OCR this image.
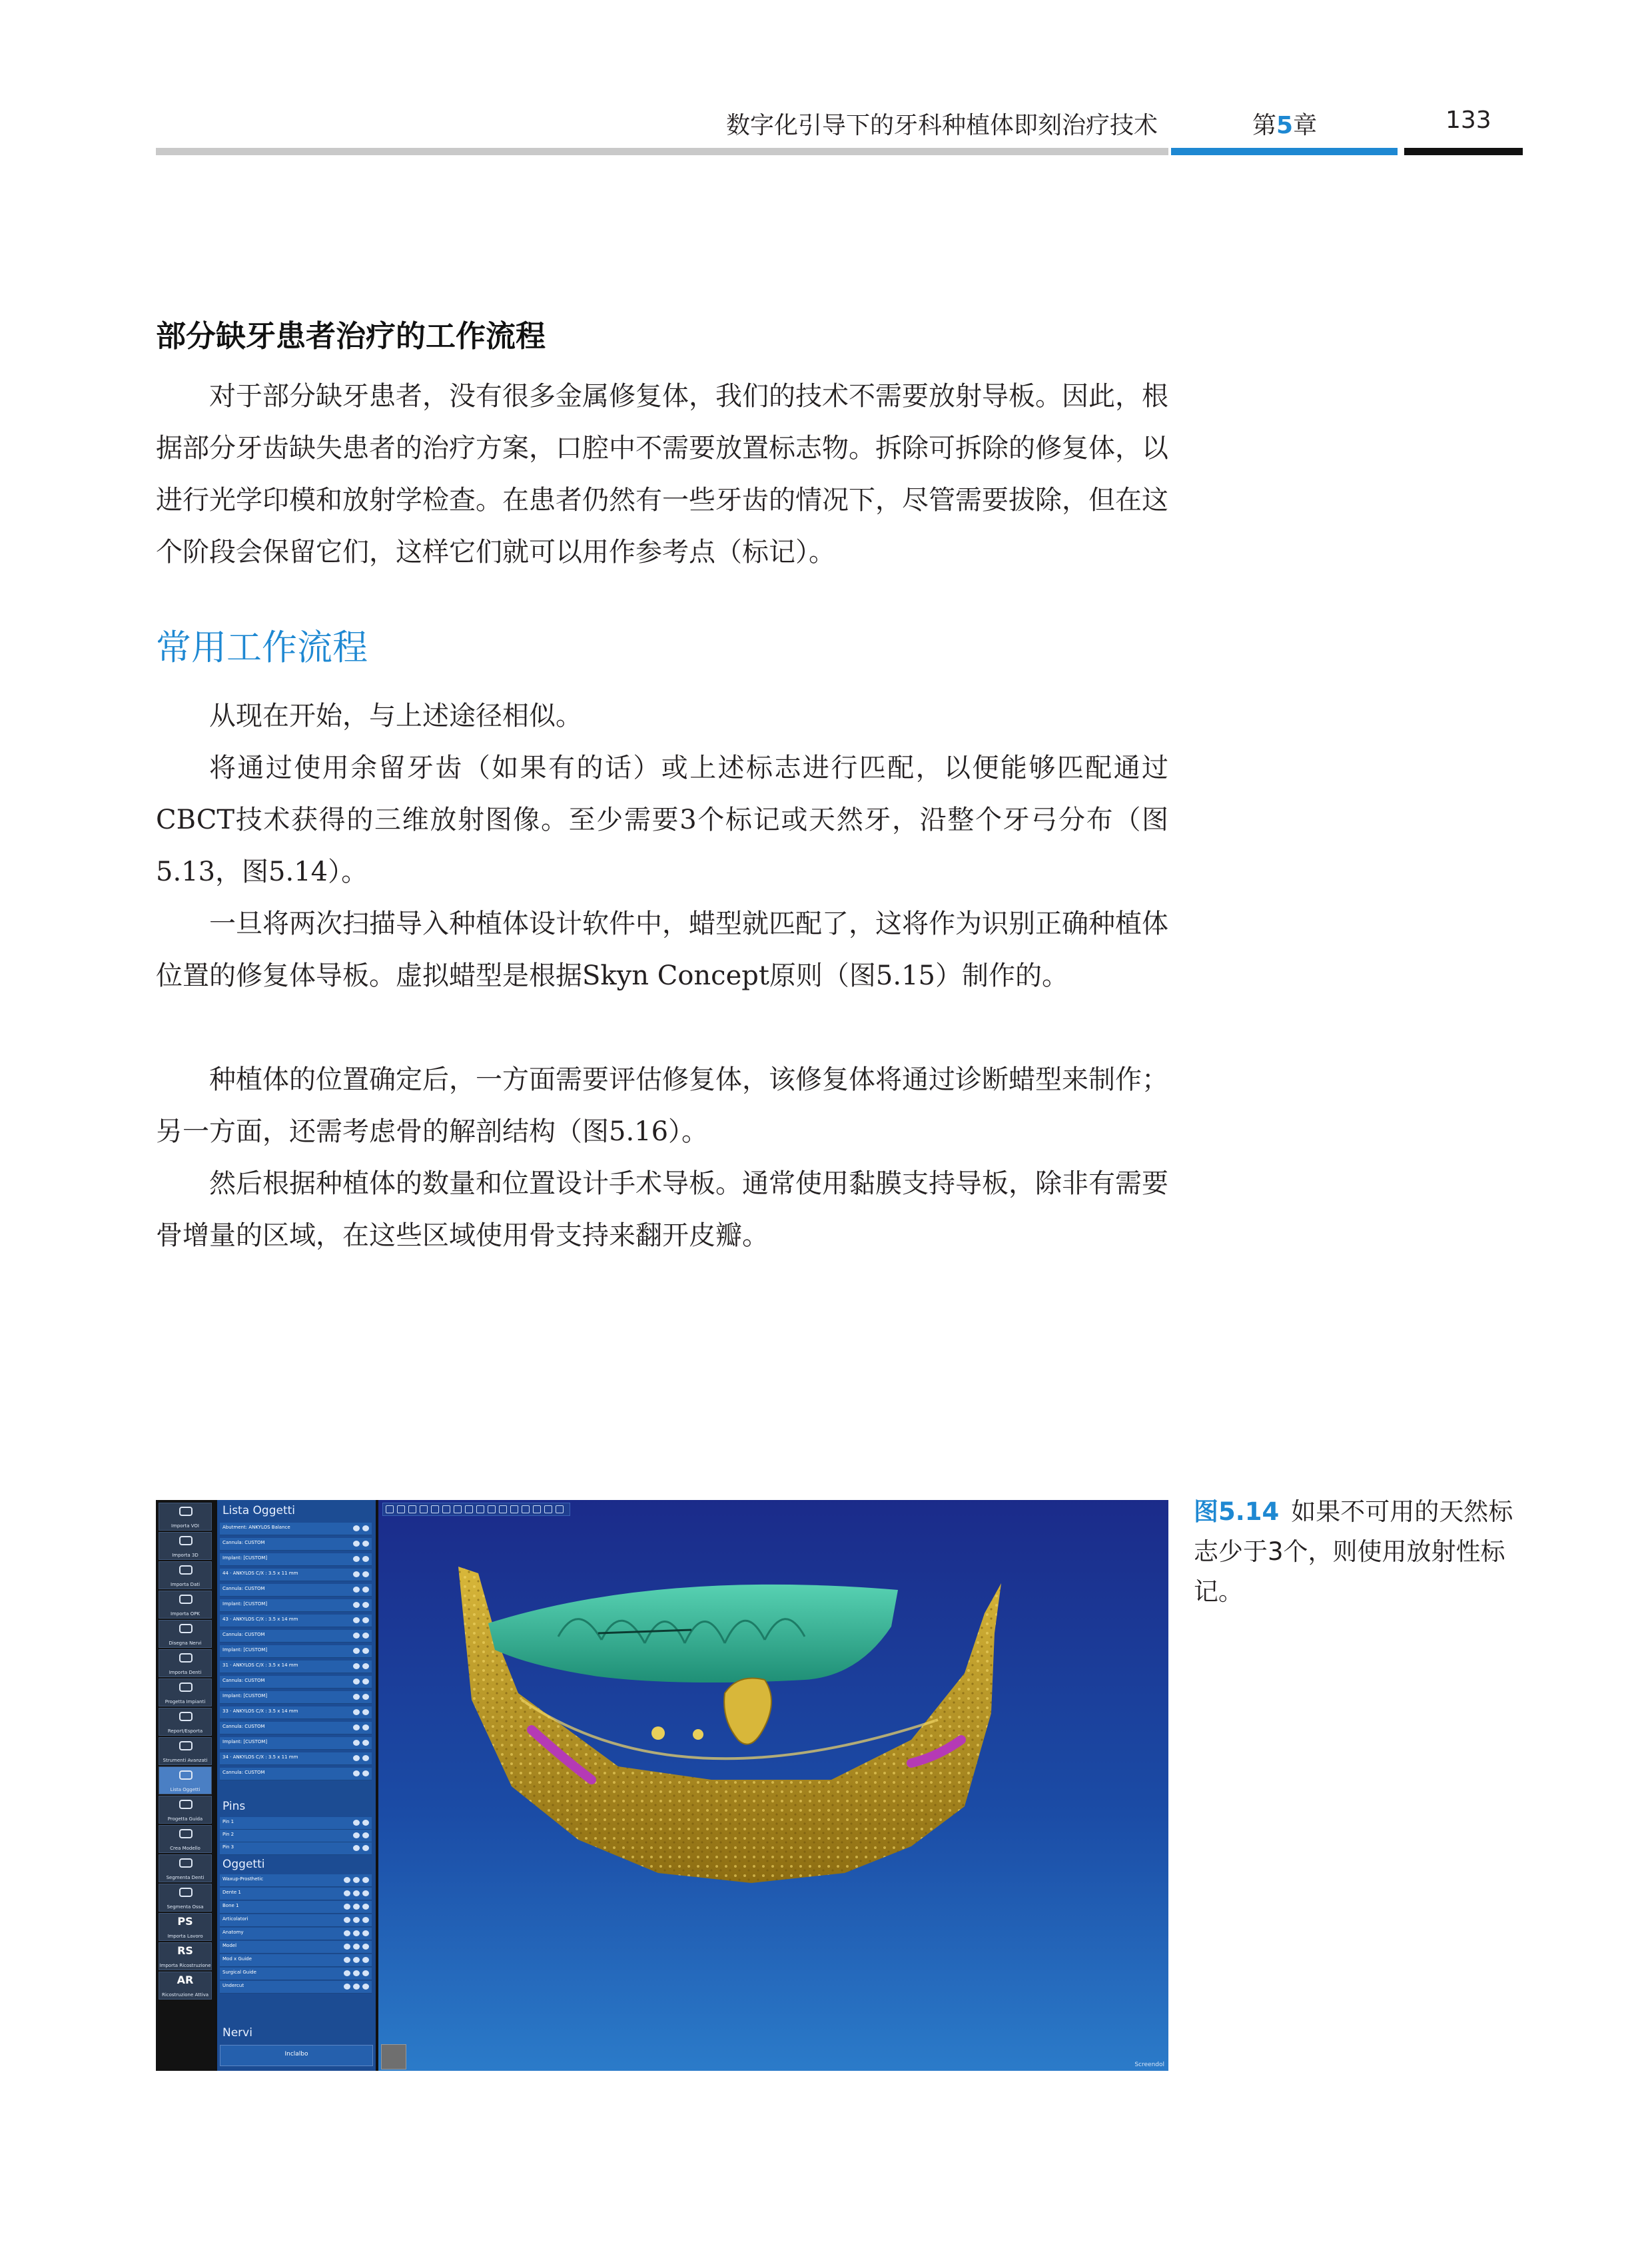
数字化引导下的牙科种植体即刻治疗技术	第5章	133
部分缺牙患者治疗的工作流程

对于部分缺牙患者，没有很多金属修复体，我们的技术不需要放射导板。因此，根据部分牙齿缺失患者的治疗方案，口腔中不需要放置标志物。拆除可拆除的修复体，以进行光学印模和放射学检查。在患者仍然有一些牙齿的情况下，尽管需要拔除，但在这个阶段会保留它们，这样它们就可以用作参考点（标记）。

常用工作流程

从现在开始，与上述途径相似。

将通过使用余留牙齿（如果有的话）或上述标志进行匹配，以便能够匹配通过CBCT技术获得的三维放射图像。至少需要3个标记或天然牙，沿整个牙弓分布（图5.13，图5.14）。

一旦将两次扫描导入种植体设计软件中，蜡型就匹配了，这将作为识别正确种植体位置的修复体导板。虚拟蜡型是根据Skyn Concept原则（图5.15）制作的。

种植体的位置确定后，一方面需要评估修复体，该修复体将通过诊断蜡型来制作；另一方面，还需考虑骨的解剖结构（图5.16）。

然后根据种植体的数量和位置设计手术导板。通常使用黏膜支持导板，除非有需要骨增量的区域，在这些区域使用骨支持来翻开皮瓣。

Importa VOI
Importa 3D
Importa Dati
Importa OPK
Disegna Nervi
Importa Denti
Progetta Impianti
Report/Esporta
Strumenti Avanzati
Lista Oggetti
Progetta Guida
Crea Modello
Segmenta Denti
Segmenta Ossa
PS
Importa Lavoro
RS
Importa Ricostruzione
AR
Ricostruzione Attiva
Lista Oggetti
Pins
Oggetti
Nervi
Inclalbo
Abutment: ANKYLOS Balance
Cannula: CUSTOM
Implant: [CUSTOM]
44 · ANKYLOS C/X : 3.5 x 11 mm
Cannula: CUSTOM
Implant: [CUSTOM]
43 · ANKYLOS C/X : 3.5 x 14 mm
Cannula: CUSTOM
Implant: [CUSTOM]
31 · ANKYLOS C/X : 3.5 x 14 mm
Cannula: CUSTOM
Implant: [CUSTOM]
33 · ANKYLOS C/X : 3.5 x 14 mm
Cannula: CUSTOM
Implant: [CUSTOM]
34 · ANKYLOS C/X : 3.5 x 11 mm
Cannula: CUSTOM
Pin 1
Pin 2
Pin 3
Waxup-Prosthetic
Dente 1
Bone 1
Articolatori
Anatomy
Model
Mod x Guide
Surgical Guide
Undercut
Screendol
图5.14 如果不可用的天然标志少于3个，则使用放射性标记。
